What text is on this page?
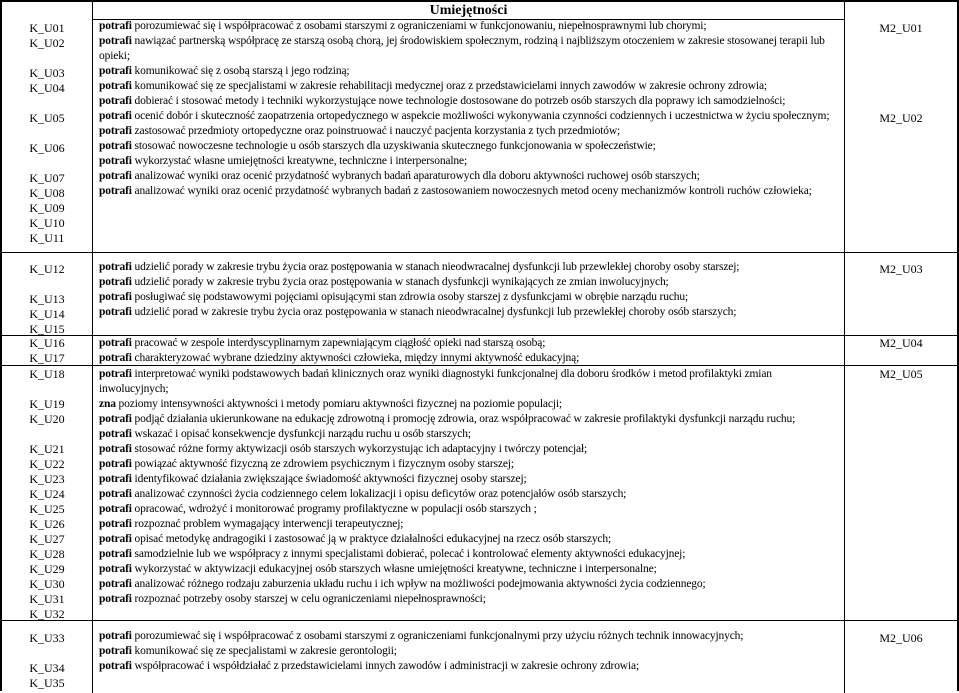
Umiejętności
K_U01
K_U02
K_U03
K_U04
K_U05
K_U06
K_U07
K_U08
K_U09
K_U10
K_U11
M2_U01
M2_U02

potrafi porozumiewać się i współpracować z osobami starszymi z ograniczeniami w funkcjonowaniu, niepełnosprawnymi lub chorymi;

potrafi nawiązać partnerską współpracę ze starszą osobą chorą, jej środowiskiem społecznym, rodziną i najbliższym otoczeniem w zakresie stosowanej terapii lub opieki;

potrafi komunikować się z osobą starszą i jego rodziną;

potrafi komunikować się ze specjalistami w zakresie rehabilitacji medycznej oraz z przedstawicielami innych zawodów w zakresie ochrony zdrowia;

potrafi dobierać i stosować metody i techniki wykorzystujące nowe technologie dostosowane do potrzeb osób starszych dla poprawy ich samodzielności;

potrafi ocenić dobór i skuteczność zaopatrzenia ortopedycznego w aspekcie możliwości wykonywania czynności codziennych i uczestnictwa w życiu społecznym;

potrafi zastosować przedmioty ortopedyczne oraz poinstruować i nauczyć pacjenta korzystania z tych przedmiotów;

potrafi stosować nowoczesne technologie u osób starszych dla uzyskiwania skutecznego funkcjonowania w społeczeństwie;

potrafi wykorzystać własne umiejętności kreatywne, techniczne i interpersonalne;

potrafi analizować wyniki oraz ocenić przydatność wybranych badań aparaturowych dla doboru aktywności ruchowej osób starszych;

potrafi analizować wyniki oraz ocenić przydatność wybranych badań z zastosowaniem nowoczesnych metod oceny mechanizmów kontroli ruchów człowieka;

K_U12
K_U13
K_U14
K_U15
M2_U03

potrafi udzielić porady w zakresie trybu życia oraz postępowania w stanach nieodwracalnej dysfunkcji lub przewlekłej choroby osoby starszej;

potrafi udzielić porady w zakresie trybu życia oraz postępowania w stanach dysfunkcji wynikających ze zmian inwolucyjnych;

potrafi posługiwać się podstawowymi pojęciami opisującymi stan zdrowia osoby starszej z dysfunkcjami w obrębie narządu ruchu;

potrafi udzielić porad w zakresie trybu życia oraz postępowania w stanach nieodwracalnej dysfunkcji lub przewlekłej choroby osób starszych;

K_U16
K_U17
M2_U04

potrafi pracować w zespole interdyscyplinarnym zapewniającym ciągłość opieki nad starszą osobą;

potrafi charakteryzować wybrane dziedziny aktywności człowieka, między innymi aktywność edukacyjną;

K_U18
K_U19
K_U20
K_U21
K_U22
K_U23
K_U24
K_U25
K_U26
K_U27
K_U28
K_U29
K_U30
K_U31
K_U32
M2_U05

potrafi interpretować wyniki podstawowych badań klinicznych oraz wyniki diagnostyki funkcjonalnej dla doboru środków i metod profilaktyki zmian inwolucyjnych;

zna poziomy intensywności aktywności i metody pomiaru aktywności fizycznej na poziomie populacji;

potrafi podjąć działania ukierunkowane na edukację zdrowotną i promocję zdrowia, oraz współpracować w zakresie profilaktyki dysfunkcji narządu ruchu;

potrafi wskazać i opisać konsekwencje dysfunkcji narządu ruchu u osób starszych;

potrafi stosować różne formy aktywizacji osób starszych wykorzystując ich adaptacyjny i twórczy potencjał;

potrafi powiązać aktywność fizyczną ze zdrowiem psychicznym i fizycznym osoby starszej;

potrafi identyfikować działania zwiększające świadomość aktywności fizycznej osoby starszej;

potrafi analizować czynności życia codziennego celem lokalizacji i opisu deficytów oraz potencjałów osób starszych;

potrafi opracować, wdrożyć i monitorować programy profilaktyczne w populacji osób starszych ;

potrafi rozpoznać problem wymagający interwencji terapeutycznej;

potrafi opisać metodykę andragogiki i zastosować ją w praktyce działalności edukacyjnej na rzecz osób starszych;

potrafi samodzielnie lub we współpracy z innymi specjalistami dobierać, polecać i kontrolować elementy aktywności edukacyjnej;

potrafi wykorzystać w aktywizacji edukacyjnej osób starszych własne umiejętności kreatywne, techniczne i interpersonalne;

potrafi analizować różnego rodzaju zaburzenia układu ruchu i ich wpływ na możliwości podejmowania aktywności życia codziennego;

potrafi rozpoznać potrzeby osoby starszej w celu ograniczeniami niepełnosprawności;

K_U33
K_U34
K_U35
M2_U06

potrafi porozumiewać się i współpracować z osobami starszymi z ograniczeniami funkcjonalnymi przy użyciu różnych technik innowacyjnych;

potrafi komunikować się ze specjalistami w zakresie gerontologii;

potrafi współpracować i współdziałać z przedstawicielami innych zawodów i administracji w zakresie ochrony zdrowia;
